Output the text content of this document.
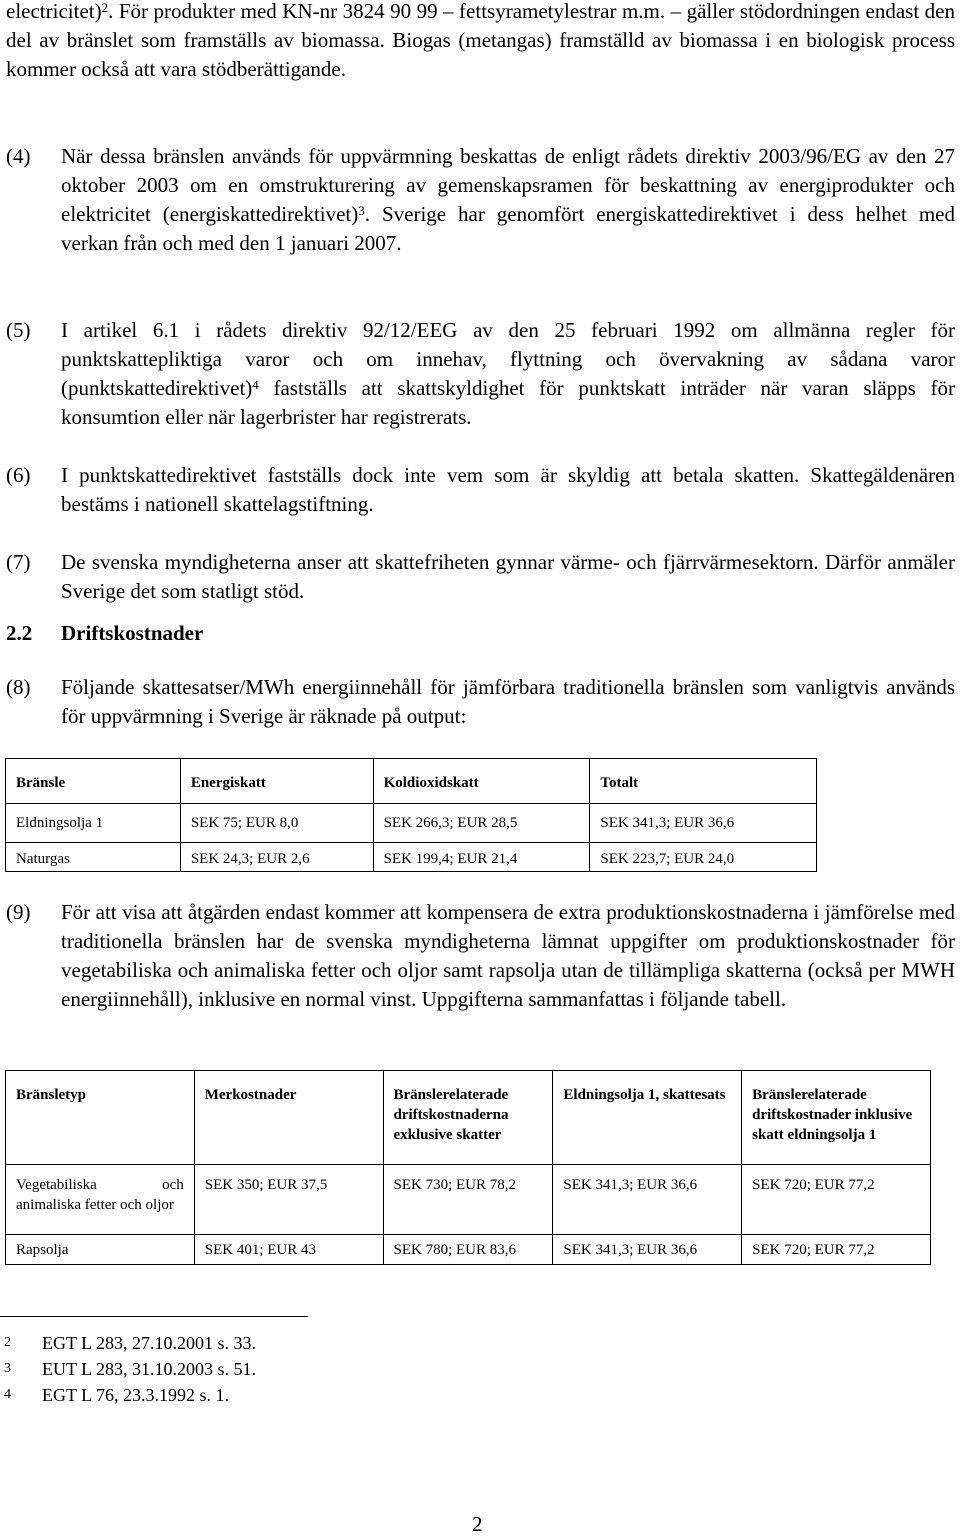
electricitet)$^2$. För produkter med KN-nr 3824 90 99 – fettsyrametylestrar m.m. – gäller stödordningen endast den del av bränslet som framställs av biomassa. Biogas (metangas) framställd av biomassa i en biologisk process kommer också att vara stödberättigande.
(4) När dessa bränslen används för uppvärmning beskattas de enligt rådets direktiv 2003/96/EG av den 27 oktober 2003 om en omstrukturering av gemenskapsramen för beskattning av energiprodukter och elektricitet (energiskattedirektivet)$^3$. Sverige har genomfört energiskattedirektivet i dess helhet med verkan från och med den 1 januari 2007.
(5) I artikel 6.1 i rådets direktiv 92/12/EEG av den 25 februari 1992 om allmänna regler för punktskattepliktiga varor och om innehav, flyttning och övervakning av sådana varor (punktskattedirektivet)$^4$ fastställs att skattskyldighet för punktskatt inträder när varan släpps för konsumtion eller när lagerbrister har registrerats.
(6) I punktskattedirektivet fastställs dock inte vem som är skyldig att betala skatten. Skattegäldenären bestäms i nationell skattelagstiftning.
(7) De svenska myndigheterna anser att skattefriheten gynnar värme- och fjärrvärmesektorn. Därför anmäler Sverige det som statligt stöd.
2.2 Driftskostnader
(8) Följande skattesatser/MWh energiinnehåll för jämförbara traditionella bränslen som vanligtvis används för uppvärmning i Sverige är räknade på output:
Bränsle	Energiskatt	Koldioxidskatt	Totalt
Eldningsolja 1	SEK 75; EUR 8,0	SEK 266,3; EUR 28,5	SEK 341,3; EUR 36,6
Naturgas	SEK 24,3; EUR 2,6	SEK 199,4; EUR 21,4	SEK 223,7; EUR 24,0
(9) För att visa att åtgärden endast kommer att kompensera de extra produktionskostnaderna i jämförelse med traditionella bränslen har de svenska myndigheterna lämnat uppgifter om produktionskostnader för vegetabiliska och animaliska fetter och oljor samt rapsolja utan de tillämpliga skatterna (också per MWH energiinnehåll), inklusive en normal vinst. Uppgifterna sammanfattas i följande tabell.
Bränsletyp	Merkostnader	Bränslerelaterade driftskostnaderna exklusive skatter	Eldningsolja 1, skattesats	Bränslerelaterade driftskostnader inklusive skatt eldningsolja 1
Vegetabiliska och animaliska fetter och oljor	SEK 350; EUR 37,5	SEK 730; EUR 78,2	SEK 341,3; EUR 36,6	SEK 720; EUR 77,2
Rapsolja	SEK 401; EUR 43	SEK 780; EUR 83,6	SEK 341,3; EUR 36,6	SEK 720; EUR 77,2
2 EGT L 283, 27.10.2001 s. 33.
3 EUT L 283, 31.10.2003 s. 51.
4 EGT L 76, 23.3.1992 s. 1.
2
